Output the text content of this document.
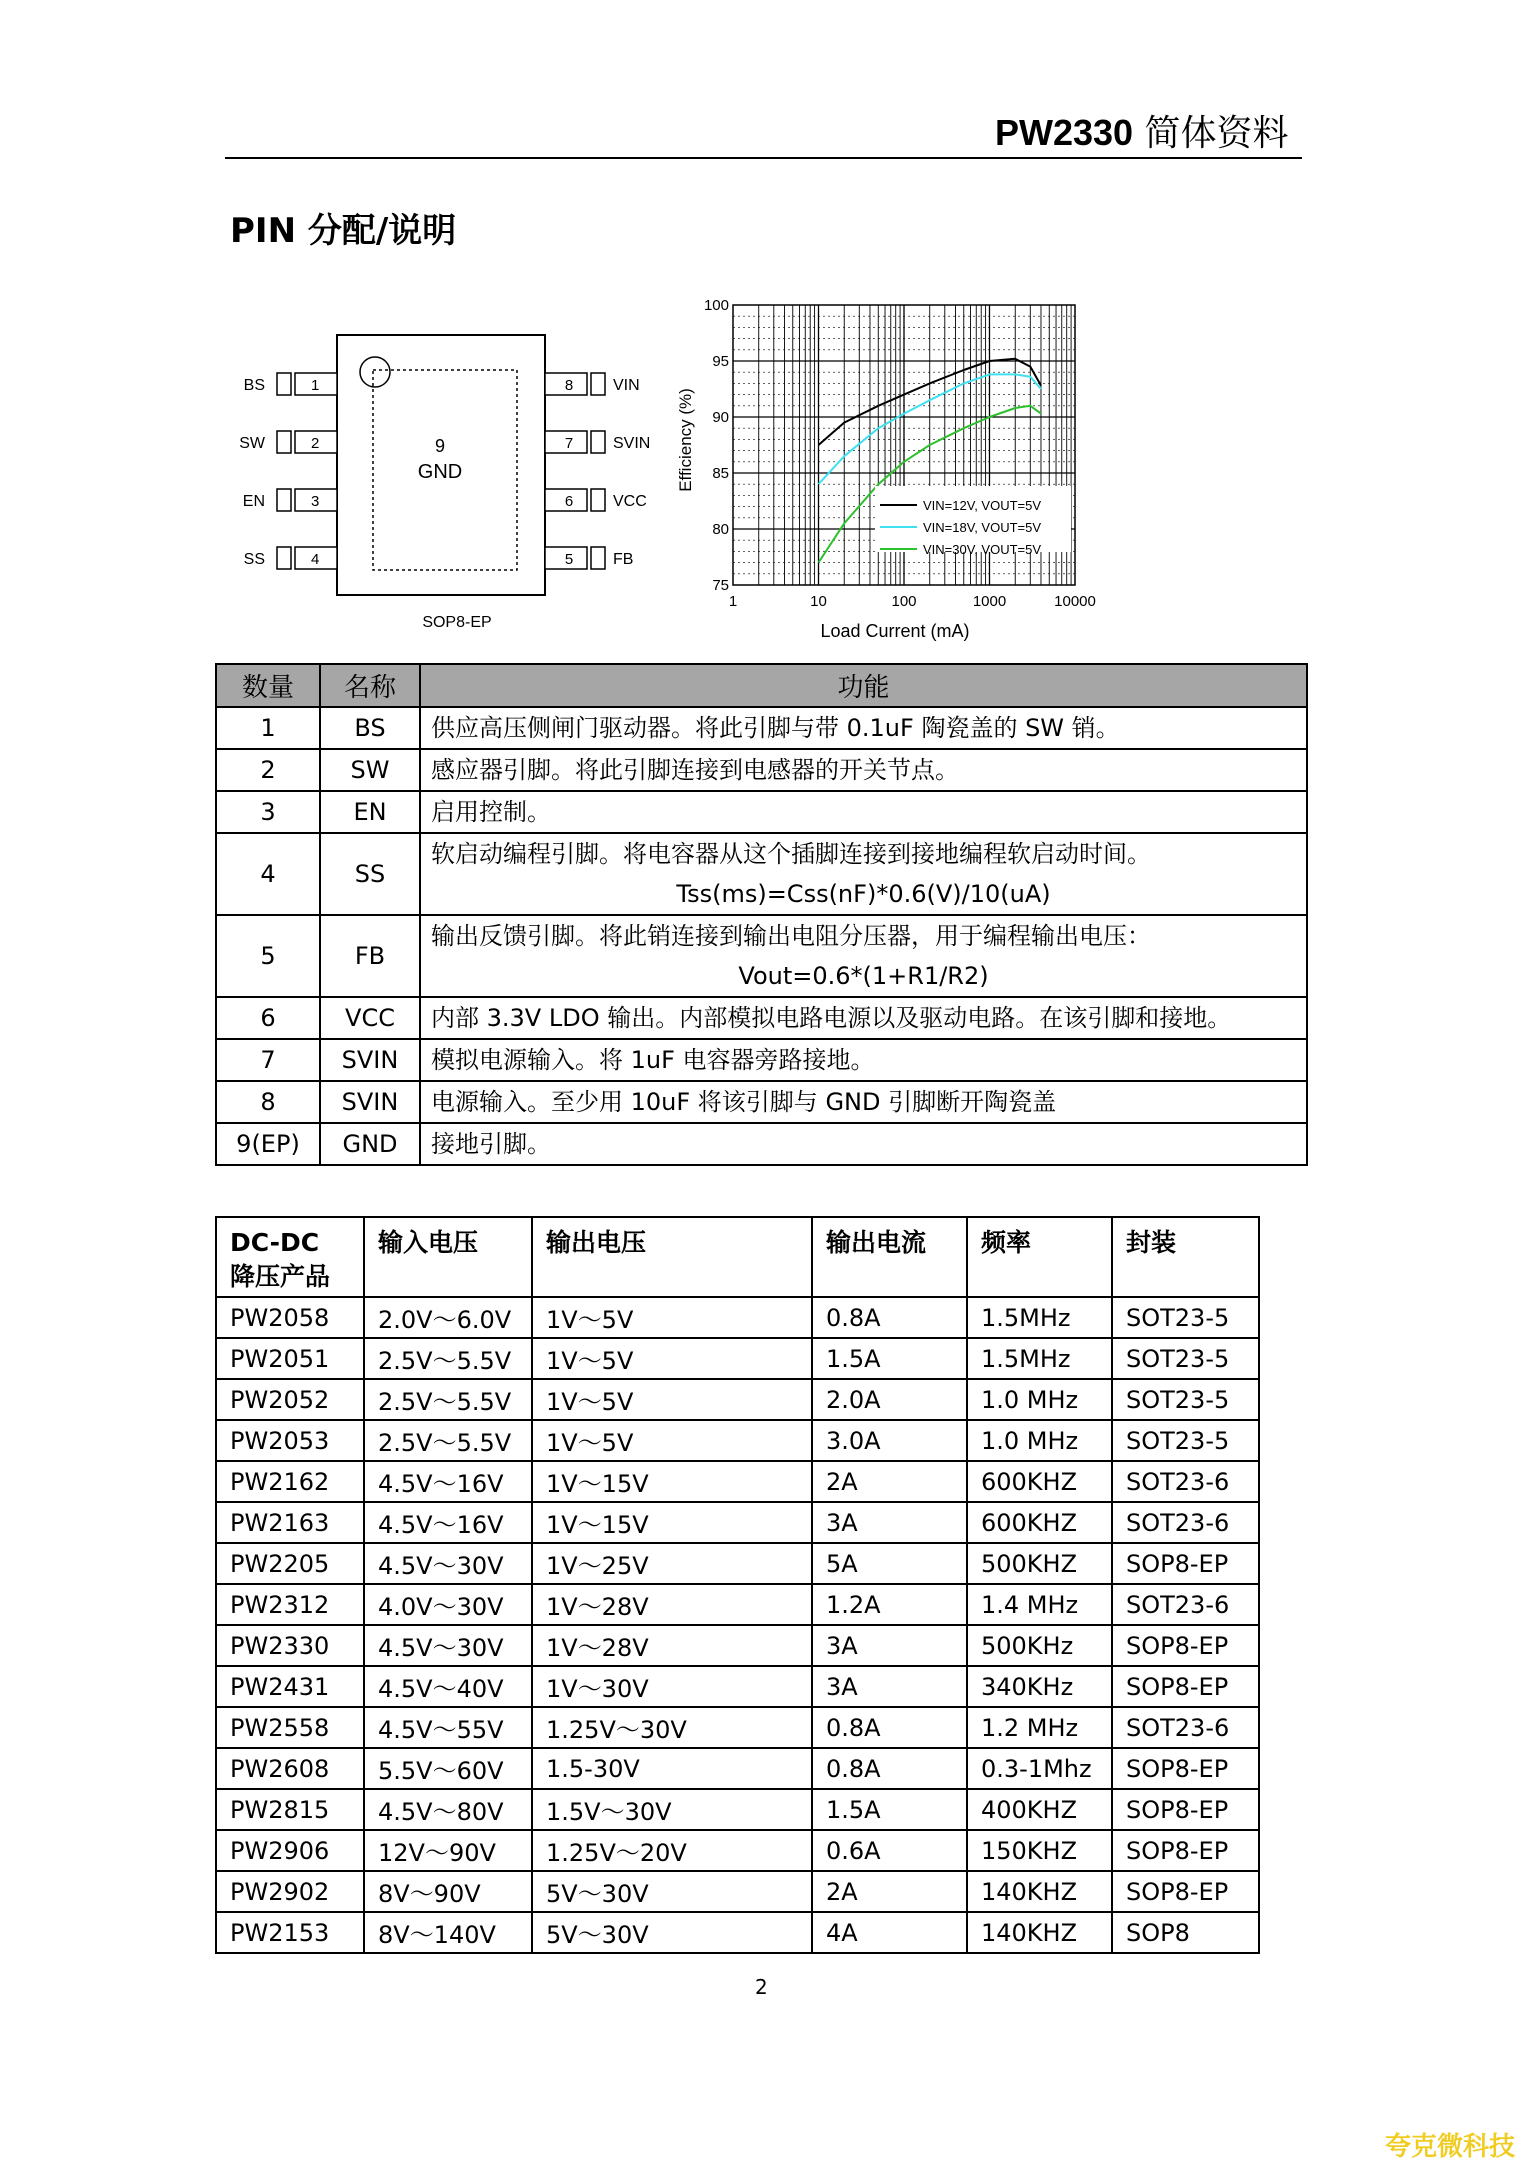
PW2330 简体资料
PIN 分配/说明
9
GND
SOP8-EP
1
BS
2
SW
3
EN
4
SS
8 VIN
7 SVIN
6 VCC
5 FB
1	10	100	1000	10000
75
80
85
90
95
100
VIN=12V, VOUT=5V
VIN=18V, VOUT=5V
VIN=30V, VOUT=5V
Load Current (mA)
Efficiency (%)
数量	名称	功能
1	BS	供应高压侧闸门驱动器。将此引脚与带 0.1uF 陶瓷盖的 SW 销。
2	SW	感应器引脚。将此引脚连接到电感器的开关节点。
3	EN	启用控制。
4	SS	软启动编程引脚。将电容器从这个插脚连接到接地编程软启动时间。
Tss(ms)=Css(nF)*0.6(V)/10(uA)

5	FB	输出反馈引脚。将此销连接到输出电阻分压器，用于编程输出电压：
Vout=0.6*(1+R1/R2)

6	VCC	内部 3.3V LDO 输出。内部模拟电路电源以及驱动电路。在该引脚和接地。
7	SVIN	模拟电源输入。将 1uF 电容器旁路接地。
8	SVIN	电源输入。至少用 10uF 将该引脚与 GND 引脚断开陶瓷盖
9(EP)	GND	接地引脚。
DC-DC
降压产品	输入电压	输出电压	输出电流	频率	封装
PW2058	2.0V～6.0V	1V～5V	0.8A	1.5MHz	SOT23-5
PW2051	2.5V～5.5V	1V～5V	1.5A	1.5MHz	SOT23-5
PW2052	2.5V～5.5V	1V～5V	2.0A	1.0 MHz	SOT23-5
PW2053	2.5V～5.5V	1V～5V	3.0A	1.0 MHz	SOT23-5
PW2162	4.5V～16V	1V～15V	2A	600KHZ	SOT23-6
PW2163	4.5V～16V	1V～15V	3A	600KHZ	SOT23-6
PW2205	4.5V～30V	1V～25V	5A	500KHZ	SOP8-EP
PW2312	4.0V～30V	1V～28V	1.2A	1.4 MHz	SOT23-6
PW2330	4.5V～30V	1V～28V	3A	500KHz	SOP8-EP
PW2431	4.5V～40V	1V～30V	3A	340KHz	SOP8-EP
PW2558	4.5V～55V	1.25V～30V	0.8A	1.2 MHz	SOT23-6
PW2608	5.5V～60V	1.5-30V	0.8A	0.3-1Mhz	SOP8-EP
PW2815	4.5V～80V	1.5V～30V	1.5A	400KHZ	SOP8-EP
PW2906	12V～90V	1.25V～20V	0.6A	150KHZ	SOP8-EP
PW2902	8V～90V	5V～30V	2A	140KHZ	SOP8-EP
PW2153	8V～140V	5V～30V	4A	140KHZ	SOP8
2
夸克微科技
